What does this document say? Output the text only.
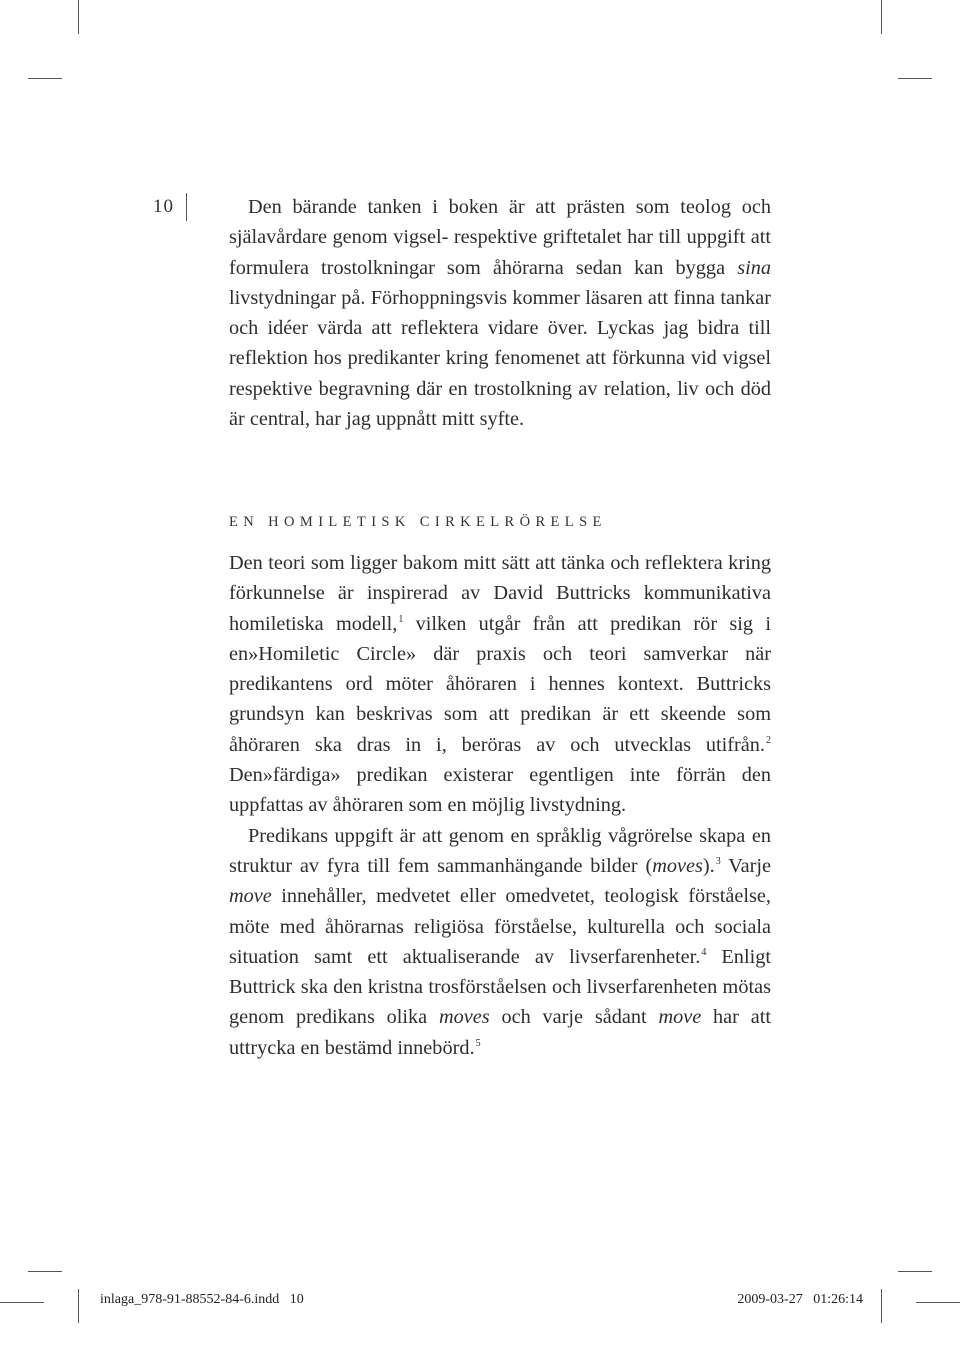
10	Den bärande tanken i boken är att prästen som teolog och själavårdare genom vigsel- respektive griftetalet har till uppgift att formulera trostolkningar som åhörarna sedan kan bygga sina livstydningar på. Förhoppningsvis kommer läsaren att finna tankar och idéer värda att reflektera vidare över. Lyckas jag bidra till reflektion hos predikanter kring fenomenet att förkunna vid vigsel respektive begravning där en trostolkning av relation, liv och död är central, har jag uppnått mitt syfte.

EN HOMILETISK CIRKELRÖRELSE

Den teori som ligger bakom mitt sätt att tänka och reflektera kring förkunnelse är inspirerad av David Buttricks kommunikativa homiletiska modell,$^1$ vilken utgår från att predikan rör sig i en»Homiletic Circle» där praxis och teori samverkar när predikantens ord möter åhöraren i hennes kontext. Buttricks grundsyn kan beskrivas som att predikan är ett skeende som åhöraren ska dras in i, beröras av och utvecklas utifrån.$^2$ Den»färdiga» predikan existerar egentligen inte förrän den uppfattas av åhöraren som en möjlig livstydning.

Predikans uppgift är att genom en språklig vågrörelse skapa en struktur av fyra till fem sammanhängande bilder (moves).$^3$ Varje move innehåller, medvetet eller omedvetet, teologisk förståelse, möte med åhörarnas religiösa förståelse, kulturella och sociala situation samt ett aktualiserande av livserfarenheter.$^4$ Enligt Buttrick ska den kristna trosförståelsen och livserfarenheten mötas genom predikans olika moves och varje sådant move har att uttrycka en bestämd innebörd.$^5$

inlaga_978-91-88552-84-6.indd   10	2009-03-27   01:26:14
